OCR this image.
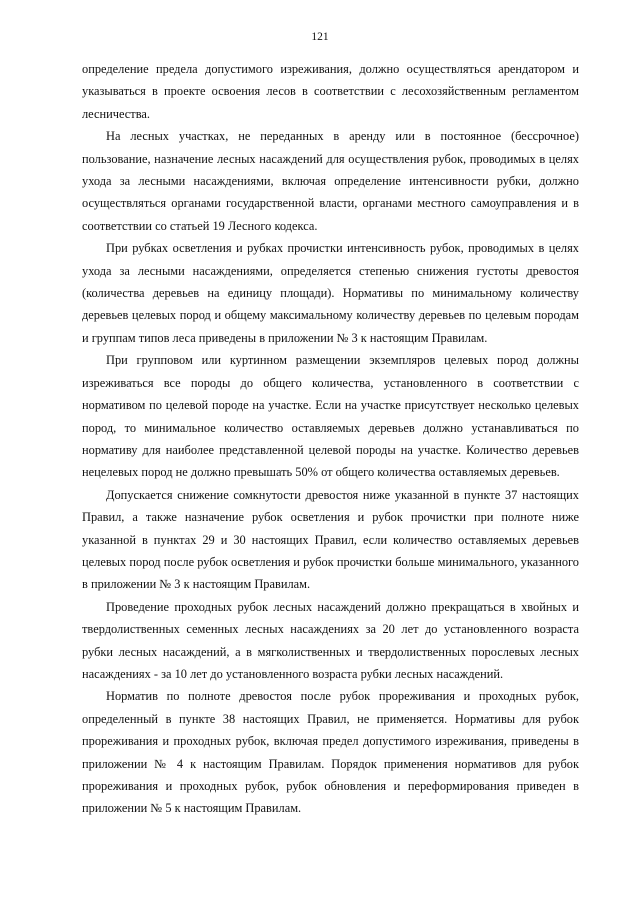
121

определение предела допустимого изреживания, должно осуществляться арендатором и указываться в проекте освоения лесов в соответствии с лесохозяйственным регламентом лесничества.

На лесных участках, не переданных в аренду или в постоянное (бессрочное) пользование, назначение лесных насаждений для осуществления рубок, проводимых в целях ухода за лесными насаждениями, включая определение интенсивности рубки, должно осуществляться органами государственной власти, органами местного самоуправления и в соответствии со статьей 19 Лесного кодекса.

При рубках осветления и рубках прочистки интенсивность рубок, проводимых в целях ухода за лесными насаждениями, определяется степенью снижения густоты древостоя (количества деревьев на единицу площади). Нормативы по минимальному количеству деревьев целевых пород и общему максимальному количеству деревьев по целевым породам и группам типов леса приведены в приложении № 3 к настоящим Правилам.

При групповом или куртинном размещении экземпляров целевых пород должны изреживаться все породы до общего количества, установленного в соответствии с нормативом по целевой породе на участке. Если на участке присутствует несколько целевых пород, то минимальное количество оставляемых деревьев должно устанавливаться по нормативу для наиболее представленной целевой породы на участке. Количество деревьев нецелевых пород не должно превышать 50% от общего количества оставляемых деревьев.

Допускается снижение сомкнутости древостоя ниже указанной в пункте 37 настоящих Правил, а также назначение рубок осветления и рубок прочистки при полноте ниже указанной в пунктах 29 и 30 настоящих Правил, если количество оставляемых деревьев целевых пород после рубок осветления и рубок прочистки больше минимального, указанного в приложении № 3 к настоящим Правилам.

Проведение проходных рубок лесных насаждений должно прекращаться в хвойных и твердолиственных семенных лесных насаждениях за 20 лет до установленного возраста рубки лесных насаждений, а в мягколиственных и твердолиственных порослевых лесных насаждениях - за 10 лет до установленного возраста рубки лесных насаждений.

Норматив по полноте древостоя после рубок прореживания и проходных рубок, определенный в пункте 38 настоящих Правил, не применяется. Нормативы для рубок прореживания и проходных рубок, включая предел допустимого изреживания, приведены в приложении № 4 к настоящим Правилам. Порядок применения нормативов для рубок прореживания и проходных рубок, рубок обновления и переформирования приведен в приложении № 5 к настоящим Правилам.
